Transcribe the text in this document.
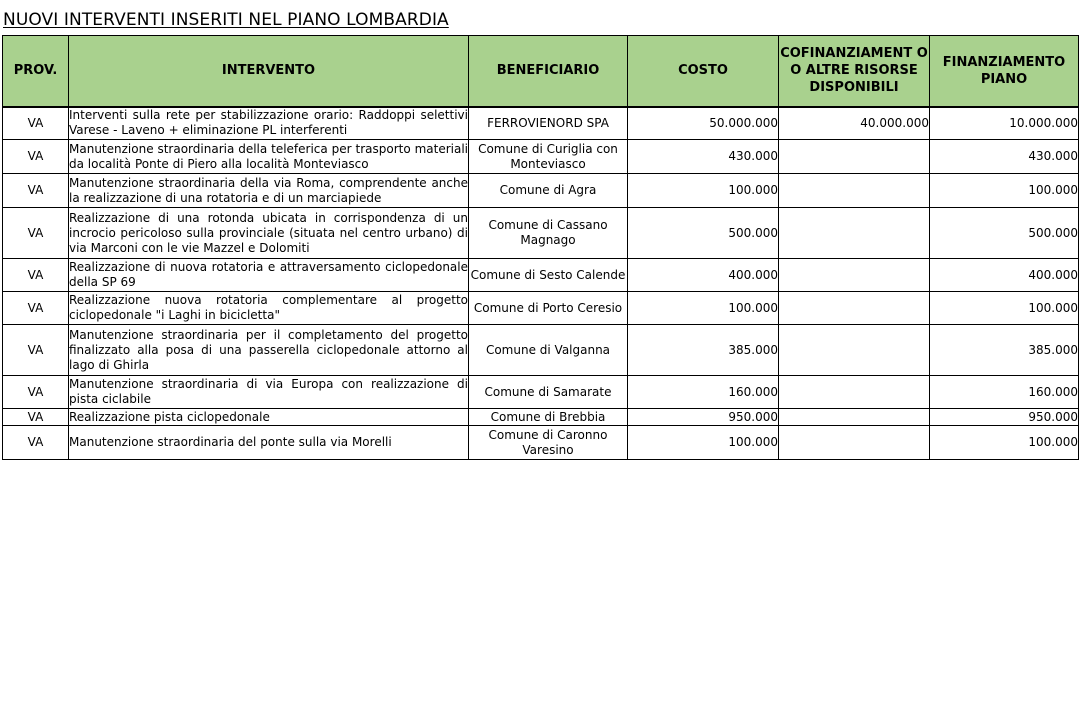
NUOVI INTERVENTI INSERITI NEL PIANO LOMBARDIA
PROV.	INTERVENTO	BENEFICIARIO	COSTO	COFINANZIAMENT O O ALTRE RISORSE DISPONIBILI	FINANZIAMENTO PIANO
VA	Interventi sulla rete per stabilizzazione orario: Raddoppi selettivi Varese - Laveno + eliminazione PL interferenti	FERROVIENORD SPA	50.000.000	40.000.000	10.000.000
VA	Manutenzione straordinaria della teleferica per trasporto materiali da località Ponte di Piero alla località Monteviasco	Comune di Curiglia con Monteviasco	430.000		430.000
VA	Manutenzione straordinaria della via Roma, comprendente anche la realizzazione di una rotatoria e di un marciapiede	Comune di Agra	100.000		100.000
VA	Realizzazione di una rotonda ubicata in corrispondenza di un incrocio pericoloso sulla provinciale (situata nel centro urbano) di via Marconi con le vie Mazzel e Dolomiti	Comune di Cassano Magnago	500.000		500.000
VA	Realizzazione di nuova rotatoria e attraversamento ciclopedonale della SP 69	Comune di Sesto Calende	400.000		400.000
VA	Realizzazione nuova rotatoria complementare al progetto ciclopedonale "i Laghi in bicicletta"	Comune di Porto Ceresio	100.000		100.000
VA	Manutenzione straordinaria per il completamento del progetto finalizzato alla posa di una passerella ciclopedonale attorno al lago di Ghirla	Comune di Valganna	385.000		385.000
VA	Manutenzione straordinaria di via Europa con realizzazione di pista ciclabile	Comune di Samarate	160.000		160.000
VA	Realizzazione pista ciclopedonale	Comune di Brebbia	950.000		950.000
VA	Manutenzione straordinaria del ponte sulla via Morelli	Comune di Caronno Varesino	100.000		100.000
